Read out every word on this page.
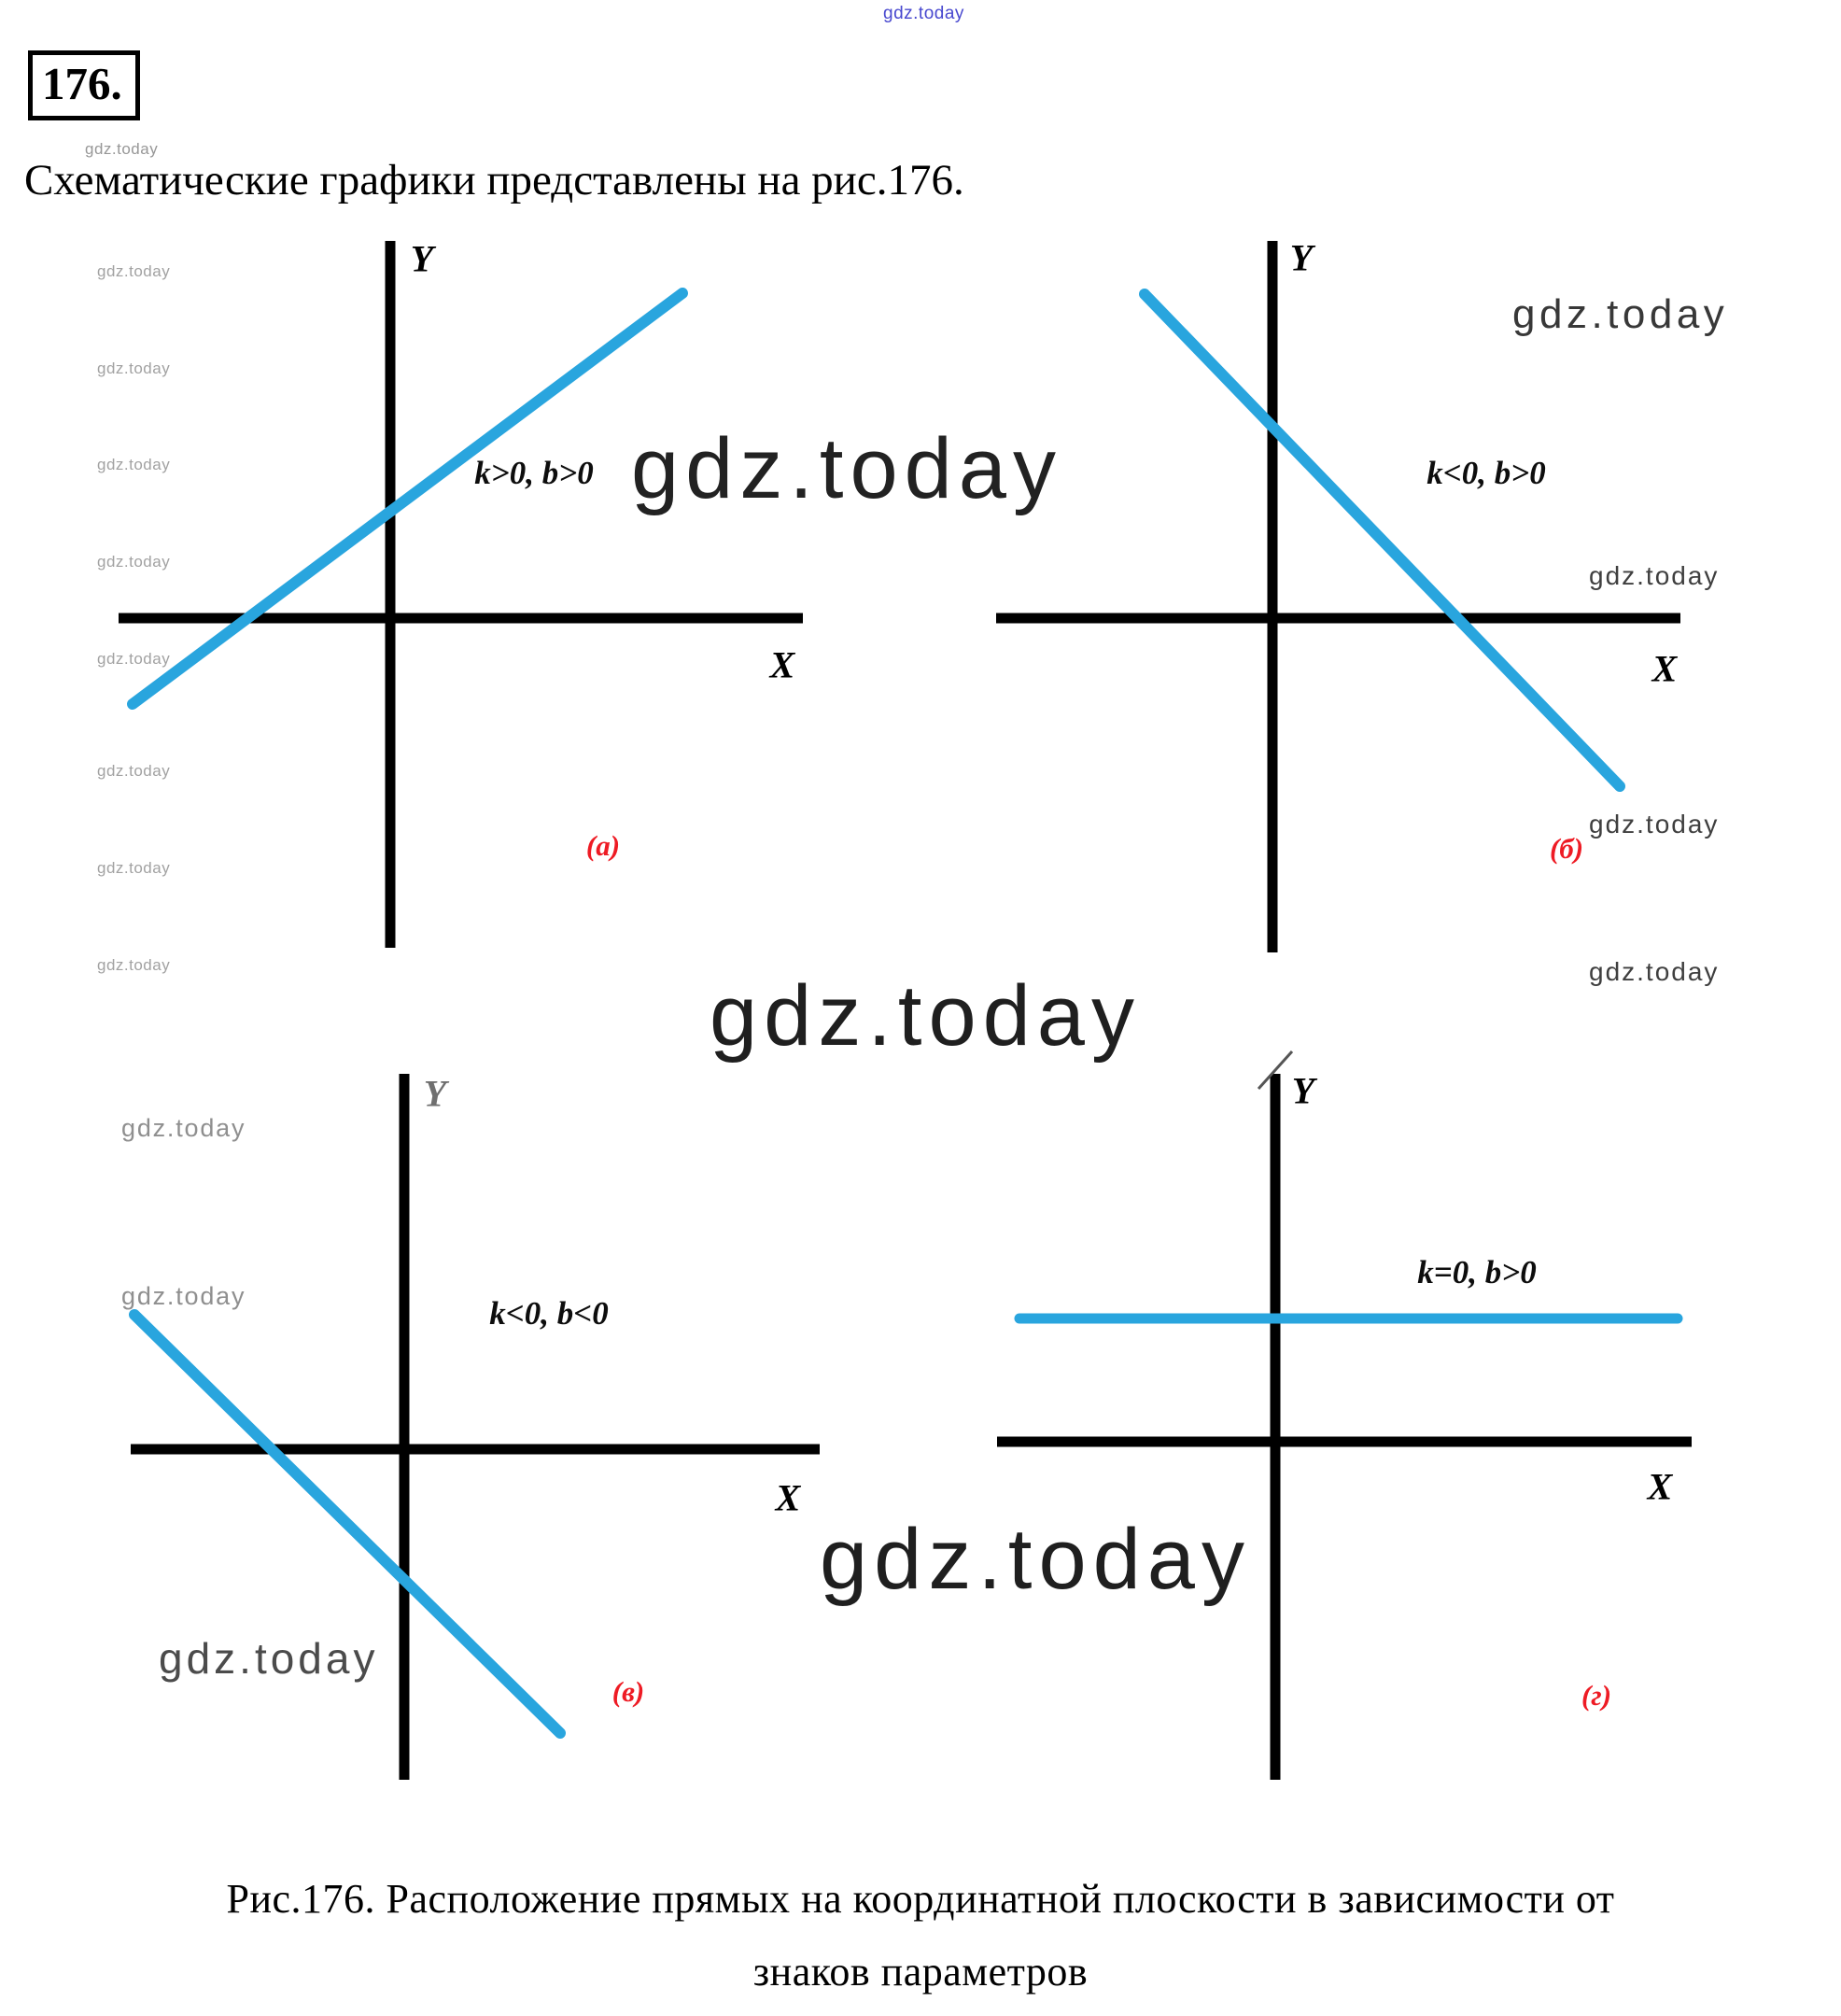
176.
Схематические графики представлены на рис.176.
gdz.today
gdz.today
gdz.today
gdz.today
gdz.today
gdz.today
gdz.today
gdz.today
gdz.today
gdz.today
gdz.today
gdz.today
gdz.today
gdz.today
gdz.today
gdz.today
gdz.today
gdz.today
gdz.today
gdz.today
Y
X
k>0, b>0
(а)
Y
X
k<0, b>0
(б)
Y
X
k<0, b<0
(в)
Y
X
k=0, b>0
(г)
Рис.176. Расположение прямых на координатной плоскости в зависимости от
знаков параметров
